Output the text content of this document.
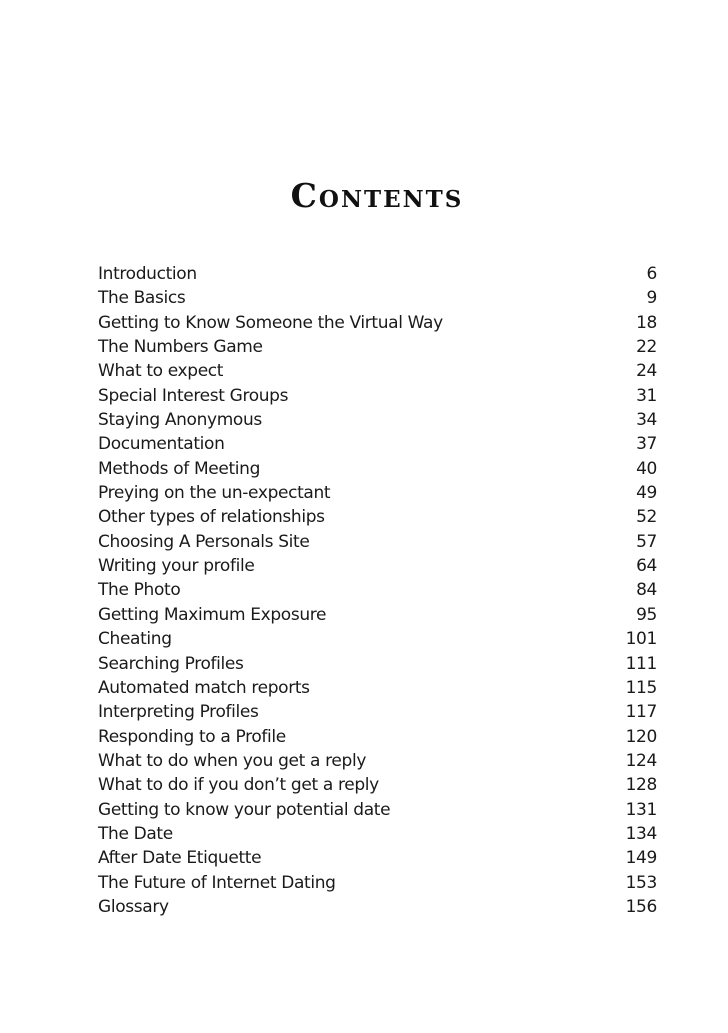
Contents
Introduction	6
The Basics	9
Getting to Know Someone the Virtual Way	18
The Numbers Game	22
What to expect	24
Special Interest Groups	31
Staying Anonymous	34
Documentation	37
Methods of Meeting	40
Preying on the un-expectant	49
Other types of relationships	52
Choosing A Personals Site	57
Writing your profile	64
The Photo	84
Getting Maximum Exposure	95
Cheating	101
Searching Profiles	111
Automated match reports	115
Interpreting Profiles	117
Responding to a Profile	120
What to do when you get a reply	124
What to do if you don’t get a reply	128
Getting to know your potential date	131
The Date	134
After Date Etiquette	149
The Future of Internet Dating	153
Glossary	156
